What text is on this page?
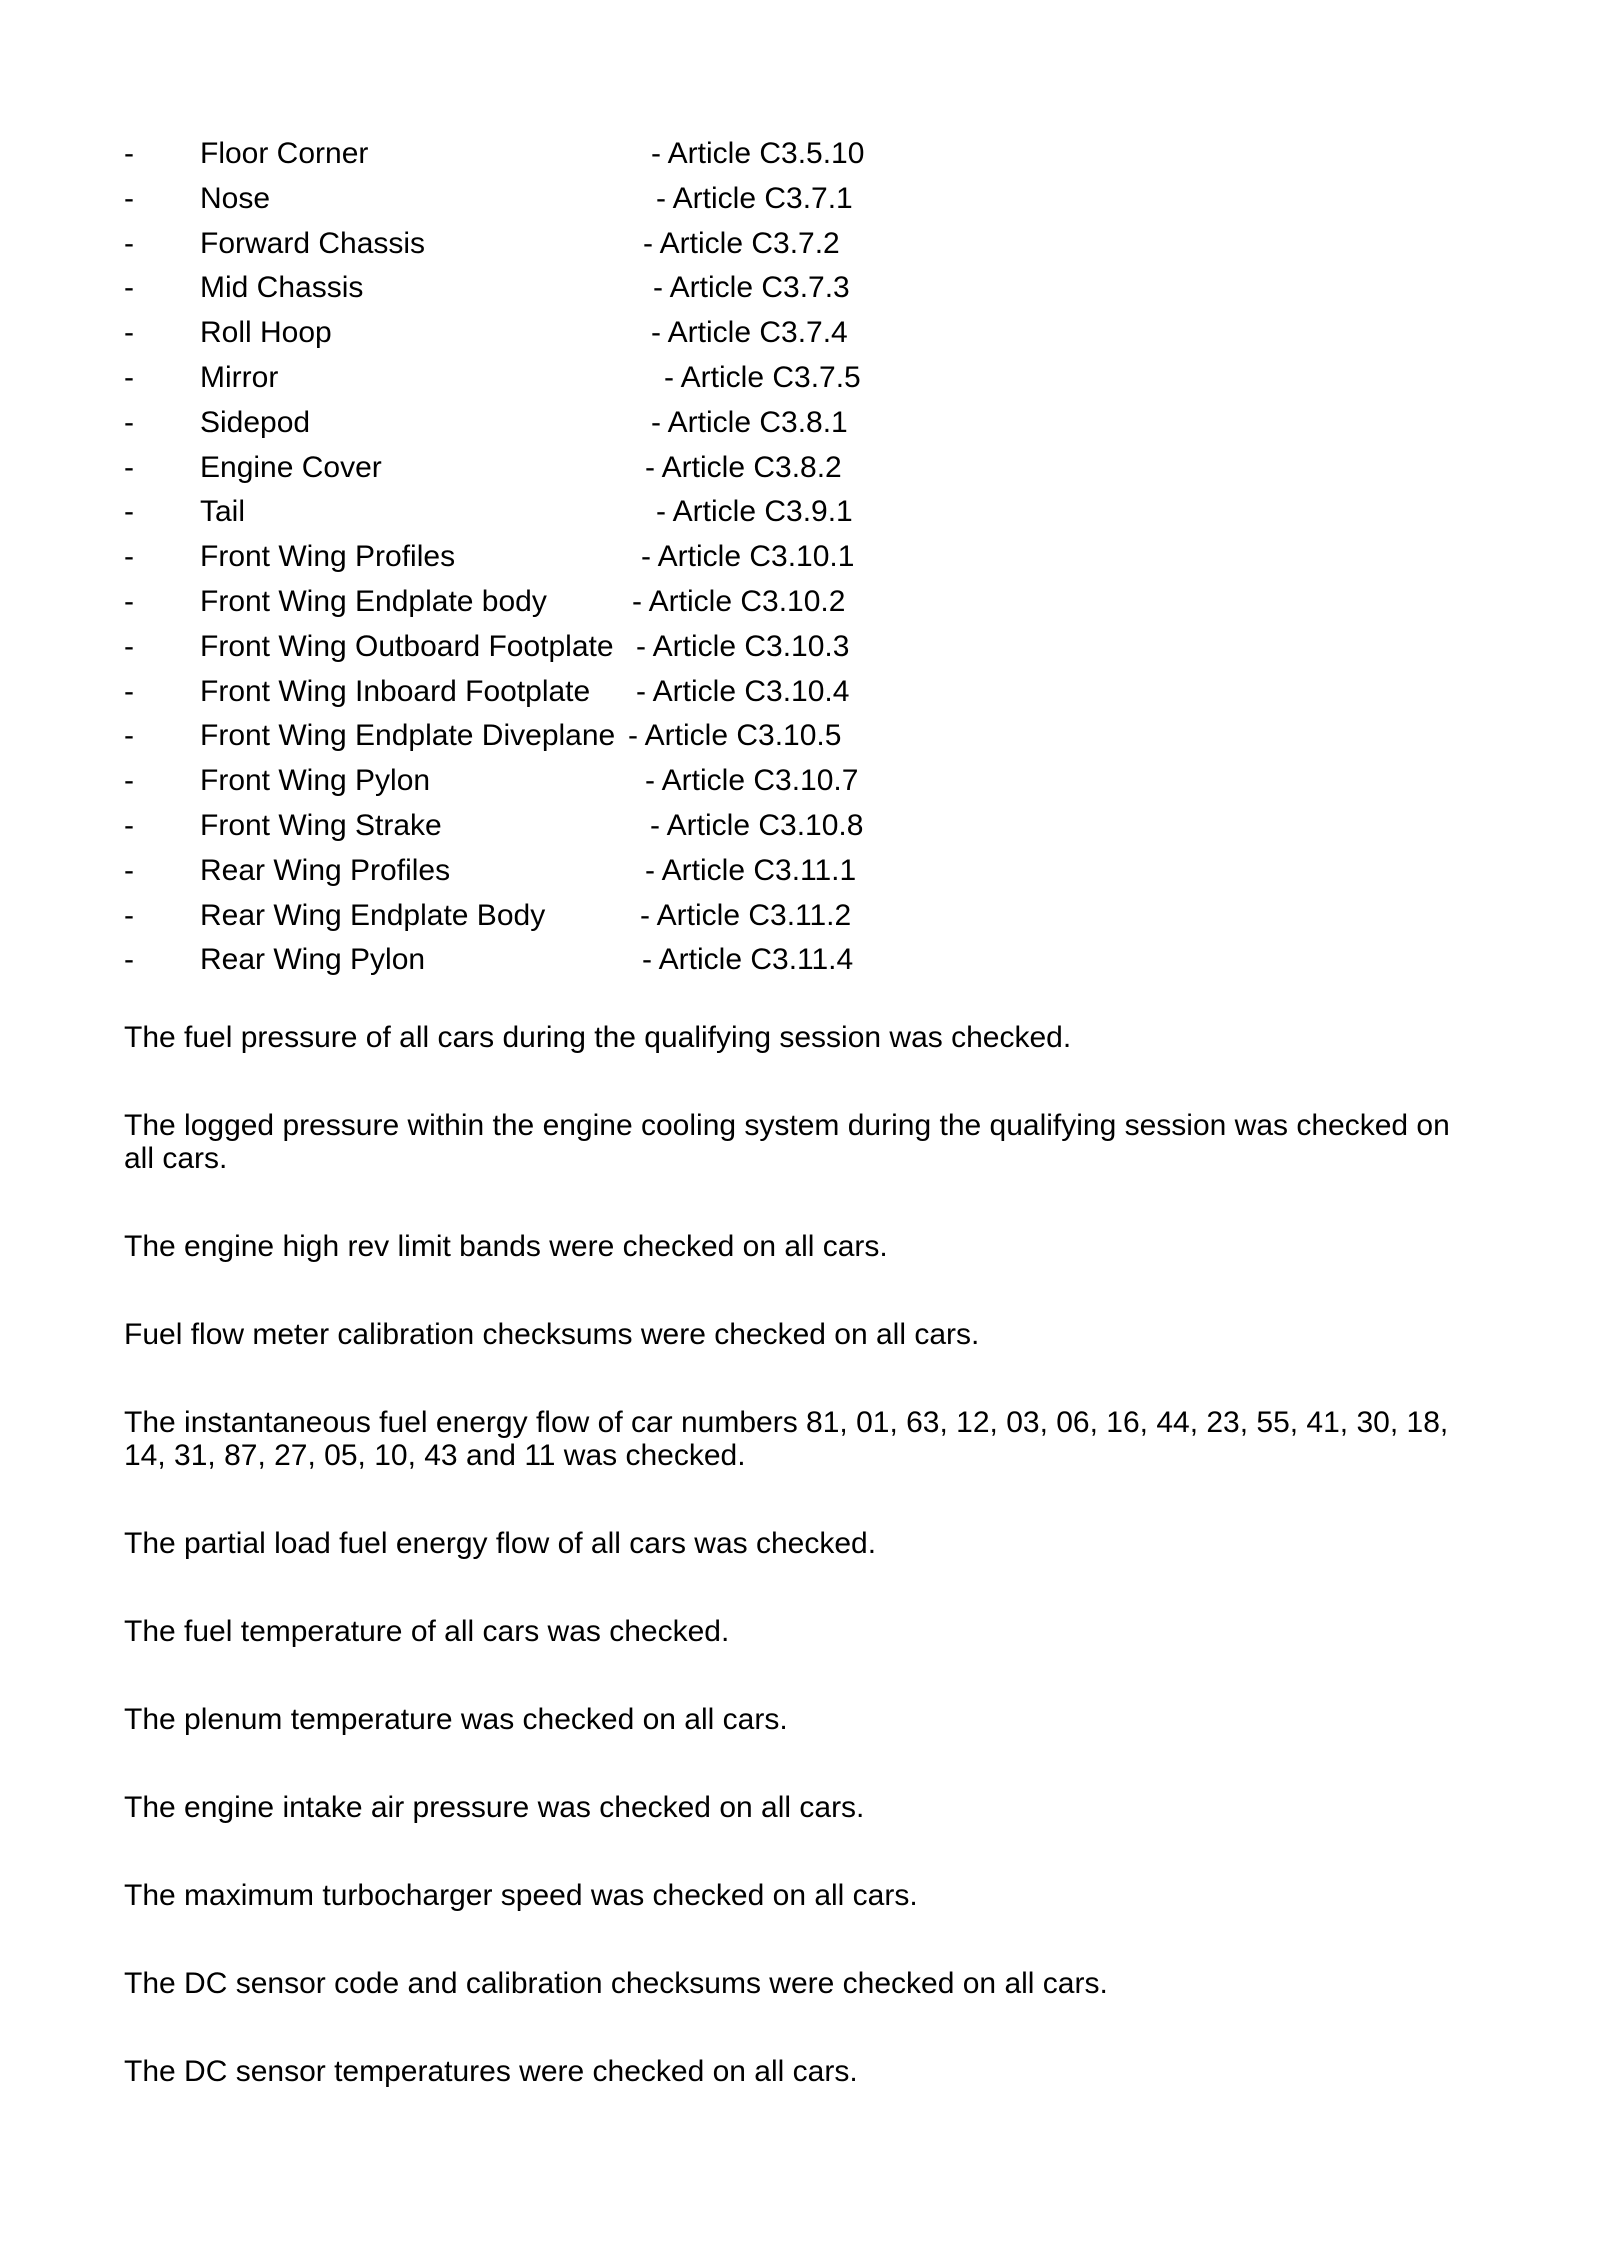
- Floor Corner	- Article C3.5.10
- Nose	- Article C3.7.1
- Forward Chassis	- Article C3.7.2
- Mid Chassis	- Article C3.7.3
- Roll Hoop	- Article C3.7.4
- Mirror	- Article C3.7.5
- Sidepod	- Article C3.8.1
- Engine Cover	- Article C3.8.2
- Tail	- Article C3.9.1
- Front Wing Profiles	- Article C3.10.1
- Front Wing Endplate body	- Article C3.10.2
- Front Wing Outboard Footplate - Article C3.10.3
- Front Wing Inboard Footplate - Article C3.10.4
- Front Wing Endplate Diveplane - Article C3.10.5
- Front Wing Pylon	- Article C3.10.7
- Front Wing Strake	- Article C3.10.8
- Rear Wing Profiles	- Article C3.11.1
- Rear Wing Endplate Body	- Article C3.11.2
- Rear Wing Pylon	- Article C3.11.4

The fuel pressure of all cars during the qualifying session was checked.

The logged pressure within the engine cooling system during the qualifying session was checked on all cars.

The engine high rev limit bands were checked on all cars.

Fuel flow meter calibration checksums were checked on all cars.

The instantaneous fuel energy flow of car numbers 81, 01, 63, 12, 03, 06, 16, 44, 23, 55, 41, 30, 18, 14, 31, 87, 27, 05, 10, 43 and 11 was checked.

The partial load fuel energy flow of all cars was checked.

The fuel temperature of all cars was checked.

The plenum temperature was checked on all cars.

The engine intake air pressure was checked on all cars.

The maximum turbocharger speed was checked on all cars.

The DC sensor code and calibration checksums were checked on all cars.

The DC sensor temperatures were checked on all cars.
